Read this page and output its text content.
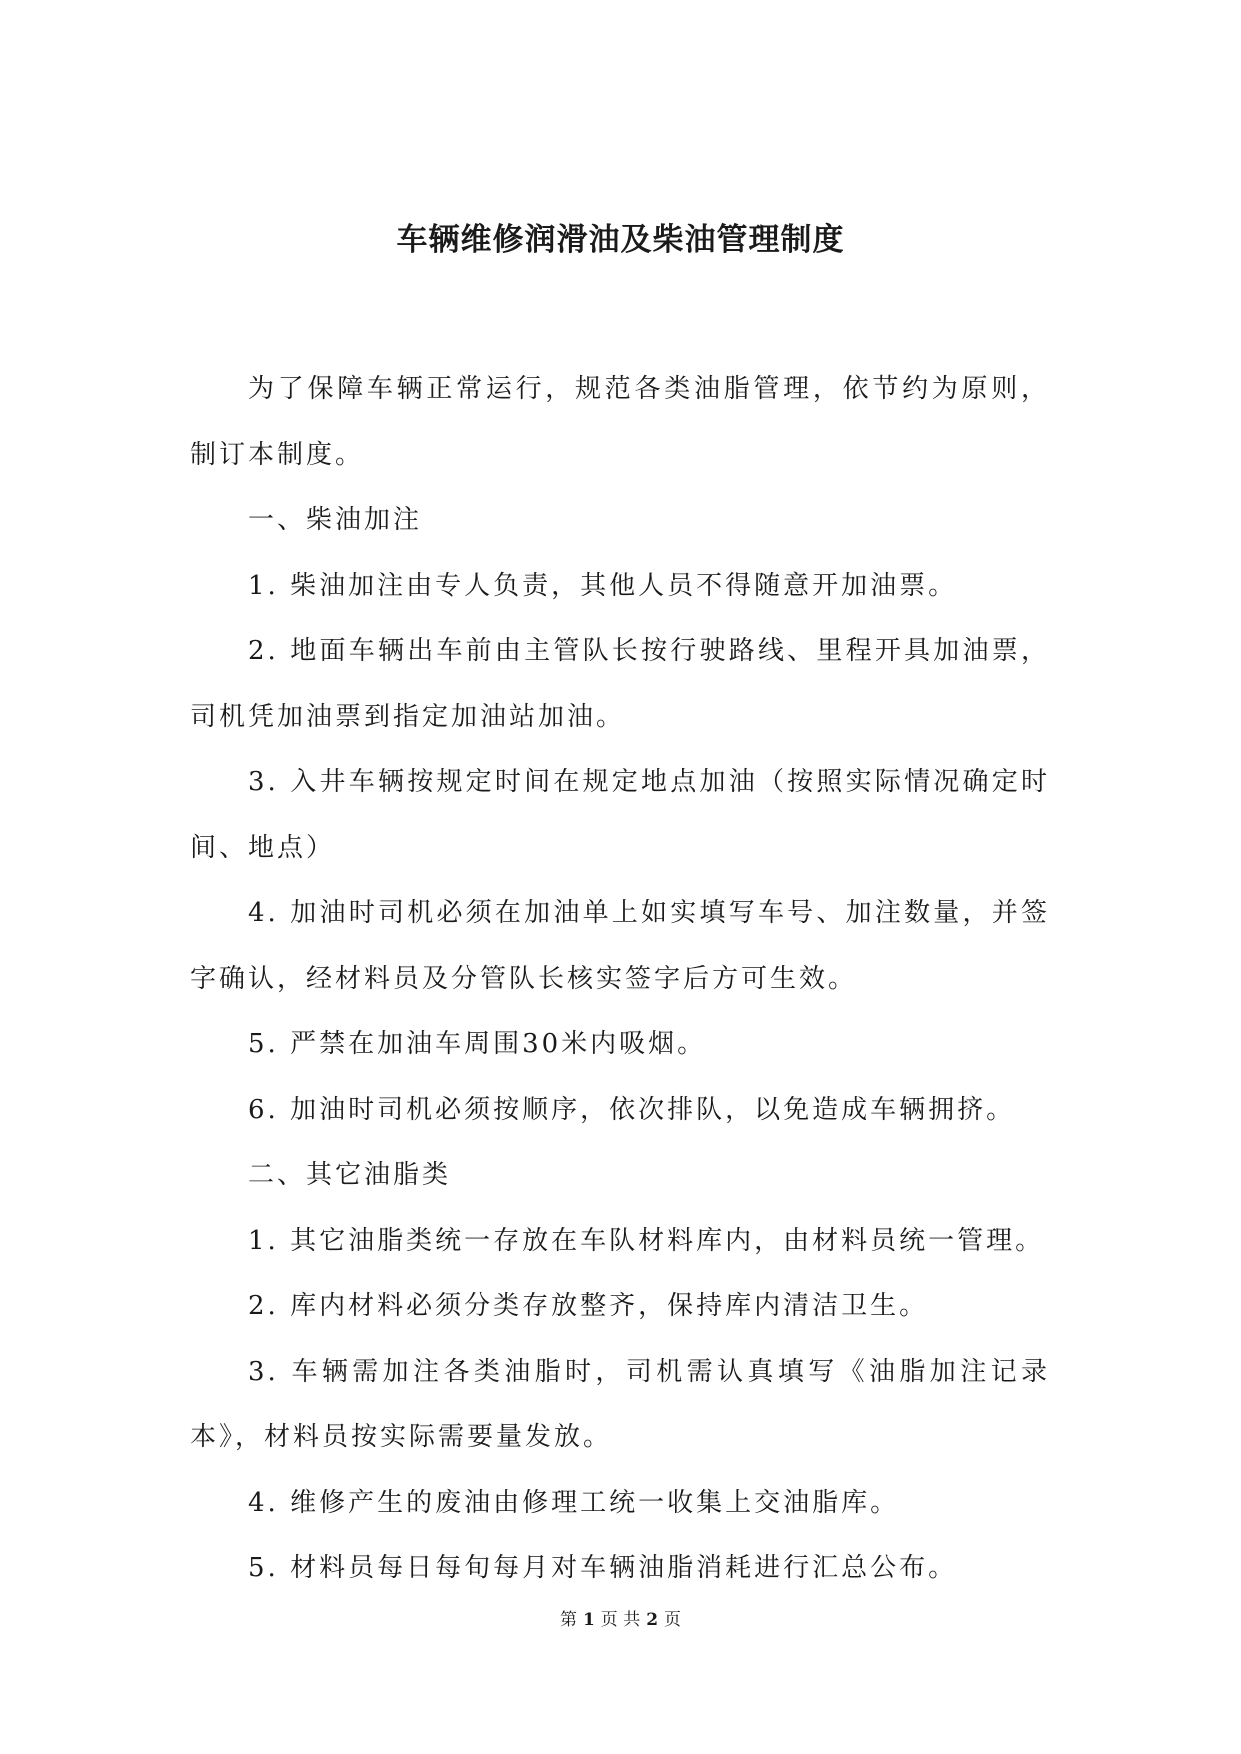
车辆维修润滑油及柴油管理制度

为了保障车辆正常运行，规范各类油脂管理，依节约为原则，制订本制度。

一、柴油加注

1. 柴油加注由专人负责，其他人员不得随意开加油票。

2. 地面车辆出车前由主管队长按行驶路线、里程开具加油票，司机凭加油票到指定加油站加油。

3. 入井车辆按规定时间在规定地点加油（按照实际情况确定时间、地点）

4. 加油时司机必须在加油单上如实填写车号、加注数量，并签字确认，经材料员及分管队长核实签字后方可生效。

5. 严禁在加油车周围30米内吸烟。

6. 加油时司机必须按顺序，依次排队，以免造成车辆拥挤。

二、其它油脂类

1. 其它油脂类统一存放在车队材料库内，由材料员统一管理。

2. 库内材料必须分类存放整齐，保持库内清洁卫生。

3. 车辆需加注各类油脂时，司机需认真填写《油脂加注记录本》，材料员按实际需要量发放。

4. 维修产生的废油由修理工统一收集上交油脂库。

5. 材料员每日每旬每月对车辆油脂消耗进行汇总公布。

第 1 页 共 2 页
